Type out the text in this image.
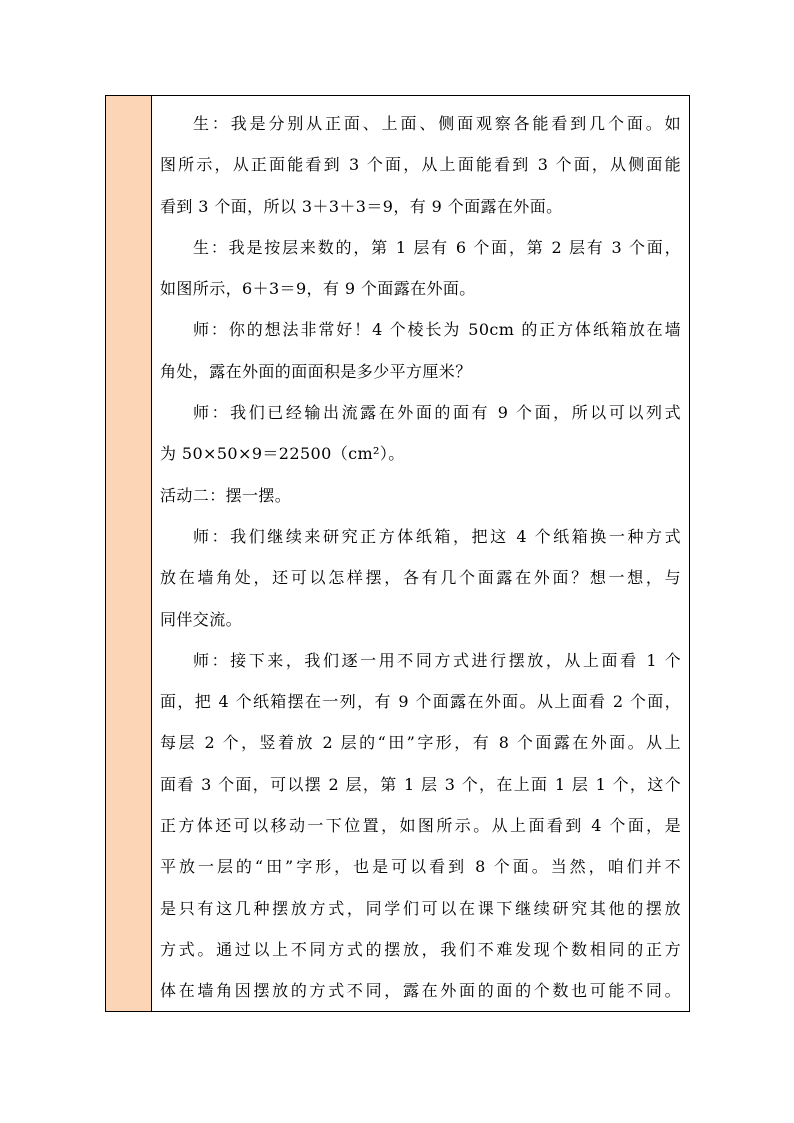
生：我是分别从正面、上面、侧面观察各能看到几个面。如
图所示，从正面能看到 3 个面，从上面能看到 3 个面，从侧面能
看到 3 个面，所以 3＋3＋3＝9，有 9 个面露在外面。

生：我是按层来数的，第 1 层有 6 个面，第 2 层有 3 个面，
如图所示，6＋3＝9，有 9 个面露在外面。

师：你的想法非常好！4 个棱长为 50cm 的正方体纸箱放在墙
角处，露在外面的面面积是多少平方厘米？

师：我们已经输出流露在外面的面有 9 个面，所以可以列式
为 50×50×9＝22500（cm²）。

活动二：摆一摆。

师：我们继续来研究正方体纸箱，把这 4 个纸箱换一种方式
放在墙角处，还可以怎样摆，各有几个面露在外面？想一想，与
同伴交流。

师：接下来，我们逐一用不同方式进行摆放，从上面看 1 个
面，把 4 个纸箱摆在一列，有 9 个面露在外面。从上面看 2 个面，
每层 2 个，竖着放 2 层的“田”字形，有 8 个面露在外面。从上
面看 3 个面，可以摆 2 层，第 1 层 3 个，在上面 1 层 1 个，这个
正方体还可以移动一下位置，如图所示。从上面看到 4 个面，是
平放一层的“田”字形，也是可以看到 8 个面。当然，咱们并不
是只有这几种摆放方式，同学们可以在课下继续研究其他的摆放
方式。通过以上不同方式的摆放，我们不难发现个数相同的正方
体在墙角因摆放的方式不同，露在外面的面的个数也可能不同。
